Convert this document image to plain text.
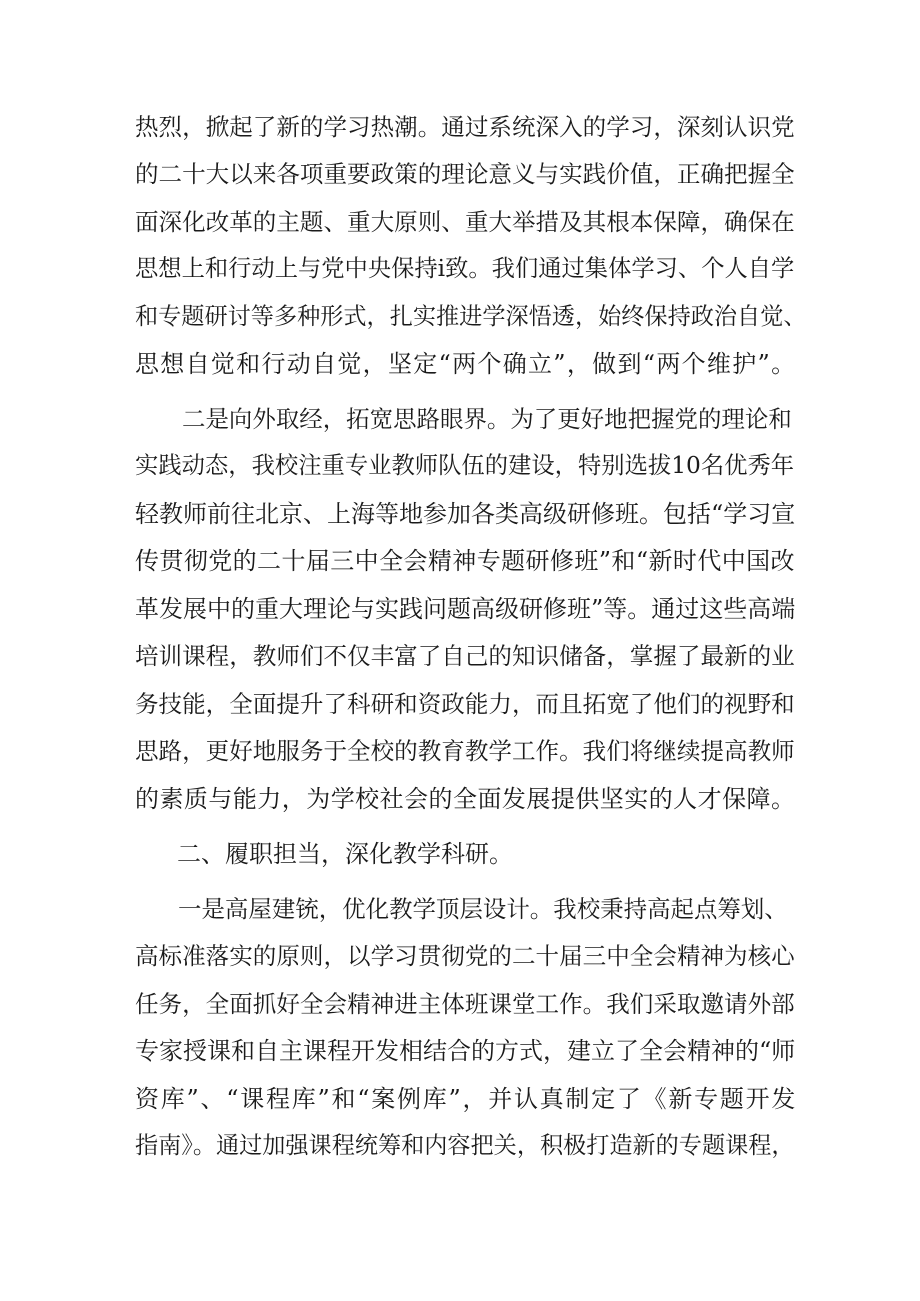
热烈，掀起了新的学习热潮。通过系统深入的学习，深刻认识党
的二十大以来各项重要政策的理论意义与实践价值，正确把握全
面深化改革的主题、重大原则、重大举措及其根本保障，确保在
思想上和行动上与党中央保持i致。我们通过集体学习、个人自学
和专题研讨等多种形式，扎实推进学深悟透，始终保持政治自觉、
思想自觉和行动自觉，坚定“两个确立”，做到“两个维护”。
二是向外取经，拓宽思路眼界。为了更好地把握党的理论和
实践动态，我校注重专业教师队伍的建设，特别选拔10名优秀年
轻教师前往北京、上海等地参加各类高级研修班。包括“学习宣
传贯彻党的二十届三中全会精神专题研修班”和“新时代中国改
革发展中的重大理论与实践问题高级研修班”等。通过这些高端
培训课程，教师们不仅丰富了自己的知识储备，掌握了最新的业
务技能，全面提升了科研和资政能力，而且拓宽了他们的视野和
思路，更好地服务于全校的教育教学工作。我们将继续提高教师
的素质与能力，为学校社会的全面发展提供坚实的人才保障。
二、履职担当，深化教学科研。
一是高屋建铳，优化教学顶层设计。我校秉持高起点筹划、
高标准落实的原则，以学习贯彻党的二十届三中全会精神为核心
任务，全面抓好全会精神进主体班课堂工作。我们采取邀请外部
专家授课和自主课程开发相结合的方式，建立了全会精神的“师
资库”、“课程库”和“案例库”，并认真制定了《新专题开发
指南》。通过加强课程统筹和内容把关，积极打造新的专题课程，
